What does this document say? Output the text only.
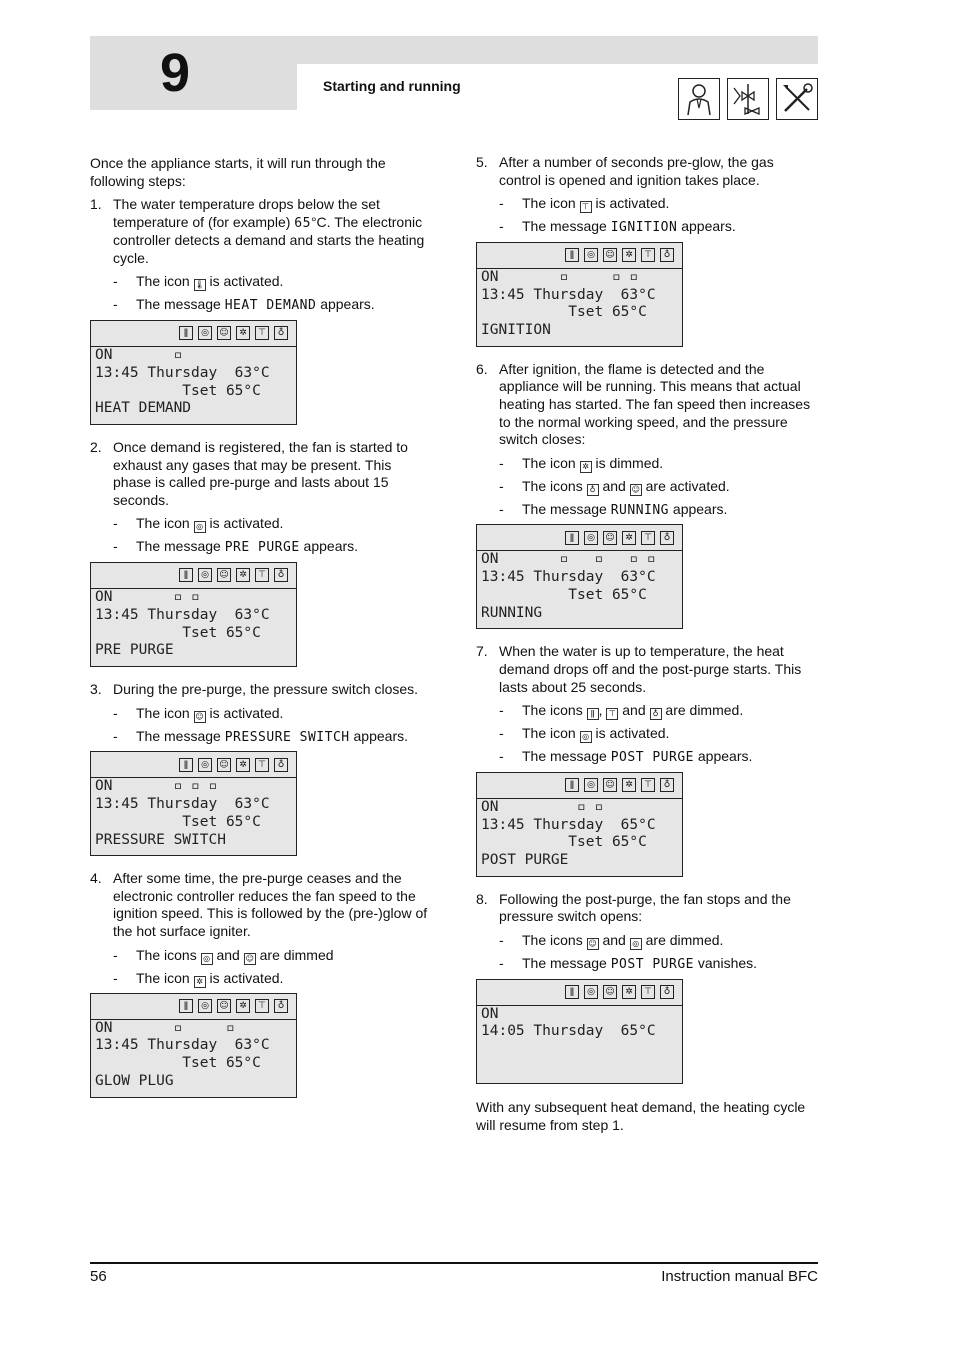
9	Starting and running

Once the appliance starts, it will run through the following steps:

1. The water temperature drops below the set temperature of (for example) 65°C. The electronic controller detects a demand and starts the heating cycle.
- The icon 🌡 is activated.
- The message HEAT DEMAND appears.
ǁ	◎	☺	✲	⊤	♁
ON       ▫
13:45 Thursday  63°C
Tset 65°C
HEAT DEMAND
2. Once demand is registered, the fan is started to exhaust any gases that may be present. This phase is called pre-purge and lasts about 15 seconds.
- The icon ◎ is activated.
- The message PRE PURGE appears.
ǁ	◎	☺	✲	⊤	♁
ON       ▫ ▫
13:45 Thursday  63°C
Tset 65°C
PRE PURGE
3. During the pre-purge, the pressure switch closes.
- The icon ☺ is activated.
- The message PRESSURE SWITCH appears.
ǁ	◎	☺	✲	⊤	♁
ON       ▫ ▫ ▫
13:45 Thursday  63°C
Tset 65°C
PRESSURE SWITCH
4. After some time, the pre-purge ceases and the electronic controller reduces the fan speed to the ignition speed. This is followed by the (pre-)glow of the hot surface igniter.
- The icons ◎ and ☺ are dimmed
- The icon ✲ is activated.
ǁ	◎	☺	✲	⊤	♁
ON       ▫     ▫
13:45 Thursday  63°C
Tset 65°C
GLOW PLUG
5. After a number of seconds pre-glow, the gas control is opened and ignition takes place.
- The icon ⊤ is activated.
- The message IGNITION appears.
ǁ	◎	☺	✲	⊤	♁
ON       ▫     ▫ ▫
13:45 Thursday  63°C
Tset 65°C
IGNITION
6. After ignition, the flame is detected and the appliance will be running. This means that actual heating has started. The fan speed then increases to the normal working speed, and the pressure switch closes:
- The icon ✲ is dimmed.
- The icons ♁ and ☺ are activated.
- The message RUNNING appears.
ǁ	◎	☺	✲	⊤	♁
ON       ▫   ▫   ▫ ▫
13:45 Thursday  63°C
Tset 65°C
RUNNING
7. When the water is up to temperature, the heat demand drops off and the post-purge starts. This lasts about 25 seconds.
- The icons ǁ , ⊤ and ♁ are dimmed.
- The icon ◎ is activated.
- The message POST PURGE appears.
ǁ	◎	☺	✲	⊤	♁
ON         ▫ ▫
13:45 Thursday  65°C
Tset 65°C
POST PURGE
8. Following the post-purge, the fan stops and the pressure switch opens:
- The icons ☺ and ◎ are dimmed.
- The message POST PURGE vanishes.
ǁ	◎	☺	✲	⊤	♁
ON
14:05 Thursday  65°C

With any subsequent heat demand, the heating cycle will resume from step 1.

56	Instruction manual BFC
